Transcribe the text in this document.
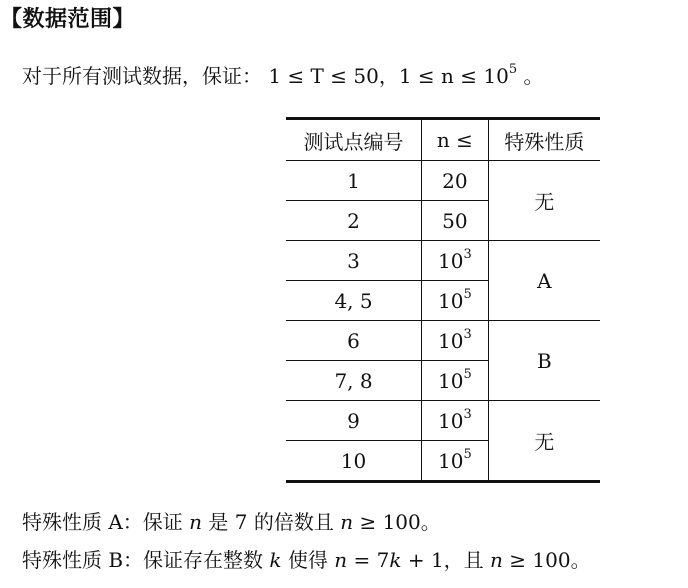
【数据范围】
对于所有测试数据，保证： 1 ≤ T ≤ 50，$1 \le n \le 10^5$ 。
测试点编号	n ≤	特殊性质
1	20	无
2	50	
3	$10^3$	A
4, 5	$10^5$
6	$10^3$	B
7, 8	$10^5$
9	$10^3$	无
10	$10^5$
特殊性质 A：保证 n 是 7 的倍数且 n ≥ 100。
特殊性质 B：保证存在整数 k 使得 n = 7k + 1，且 n ≥ 100。
